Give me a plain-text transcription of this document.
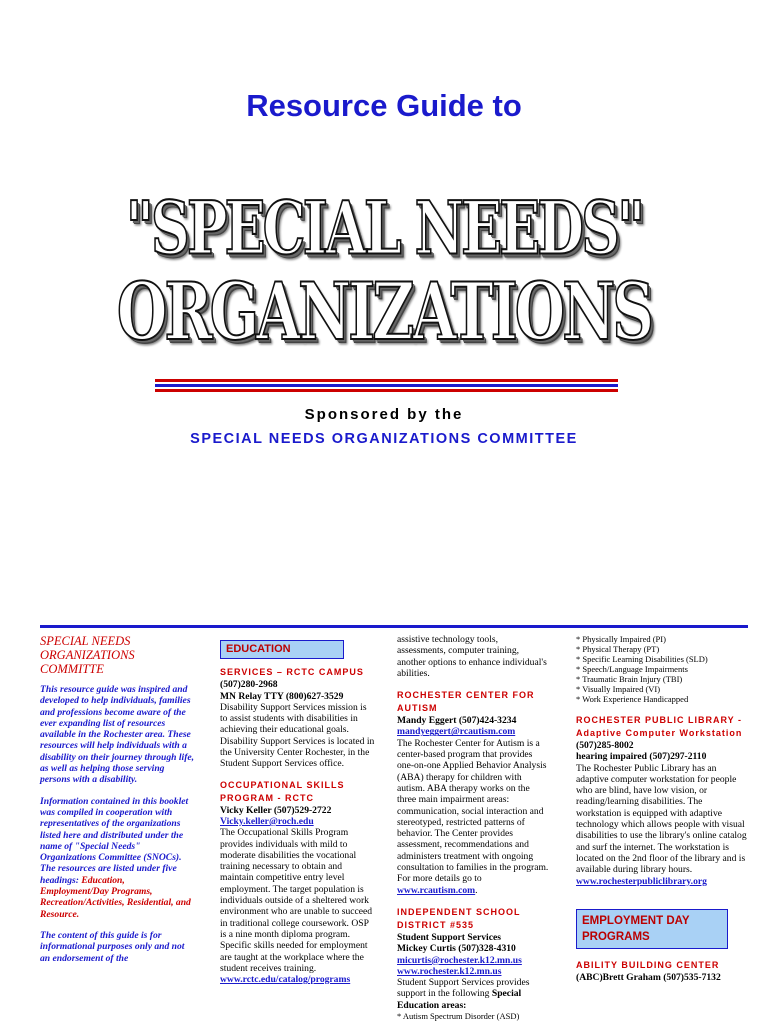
Resource Guide to
"SPECIAL NEEDS"
ORGANIZATIONS
Sponsored by the
SPECIAL NEEDS ORGANIZATIONS COMMITTEE

SPECIAL NEEDS ORGANIZATIONS COMMITTE

This resource guide was inspired and developed to help individuals, families and professions become aware of the ever expanding list of resources available in the Rochester area. These resources will help individuals with a disability on their journey through life, as well as helping those serving persons with a disability.

Information contained in this booklet was compiled in cooperation with representatives of the organizations listed here and distributed under the name of "Special Needs" Organizations Committee (SNOCs). The resources are listed under five headings: Education, Employment/Day Programs, Recreation/Activities, Residential, and Resource.

The content of this guide is for informational purposes only and not an endorsement of the

EDUCATION
SERVICES – RCTC CAMPUS

(507)280-2968

MN Relay TTY (800)627-3529

Disability Support Services mission is to assist students with disabilities in achieving their educational goals. Disability Support Services is located in the University Center Rochester, in the Student Support Services office.

OCCUPATIONAL SKILLS PROGRAM - RCTC

Vicky Keller (507)529-2722

Vicky.keller@roch.edu

The Occupational Skills Program provides individuals with mild to moderate disabilities the vocational training necessary to obtain and maintain competitive entry level employment. The target population is individuals outside of a sheltered work environment who are unable to succeed in traditional college coursework. OSP is a nine month diploma program. Specific skills needed for employment are taught at the workplace where the student receives training.

www.rctc.edu/catalog/programs

assistive technology tools, assessments, computer training, another options to enhance individual's abilities.

ROCHESTER CENTER FOR AUTISM

Mandy Eggert (507)424-3234

mandyeggert@rcautism.com

The Rochester Center for Autism is a center-based program that provides one-on-one Applied Behavior Analysis (ABA) therapy for children with autism. ABA therapy works on the three main impairment areas: communication, social interaction and stereotyped, restricted patterns of behavior. The Center provides assessment, recommendations and administers treatment with ongoing consultation to families in the program. For more details go to www.rcautism.com.

INDEPENDENT SCHOOL DISTRICT #535

Student Support Services

Mickey Curtis (507)328-4310

micurtis@rochester.k12.mn.us

www.rochester.k12.mn.us

Student Support Services provides support in the following Special Education areas:

* Autism Spectrum Disorder (ASD)

* Physically Impaired (PI)

* Physical Therapy (PT)

* Specific Learning Disabilities (SLD)

* Speech/Language Impairments

* Traumatic Brain Injury (TBI)

* Visually Impaired (VI)

* Work Experience Handicapped

ROCHESTER PUBLIC LIBRARY - Adaptive Computer Workstation

(507)285-8002

hearing impaired (507)297-2110

The Rochester Public Library has an adaptive computer workstation for people who are blind, have low vision, or reading/learning disabilities. The workstation is equipped with adaptive technology which allows people with visual disabilities to use the library's online catalog and surf the internet. The workstation is located on the 2nd floor of the library and is available during library hours.

www.rochesterpubliclibrary.org

EMPLOYMENT DAY PROGRAMS
ABILITY BUILDING CENTER

(ABC)Brett Graham (507)535-7132
